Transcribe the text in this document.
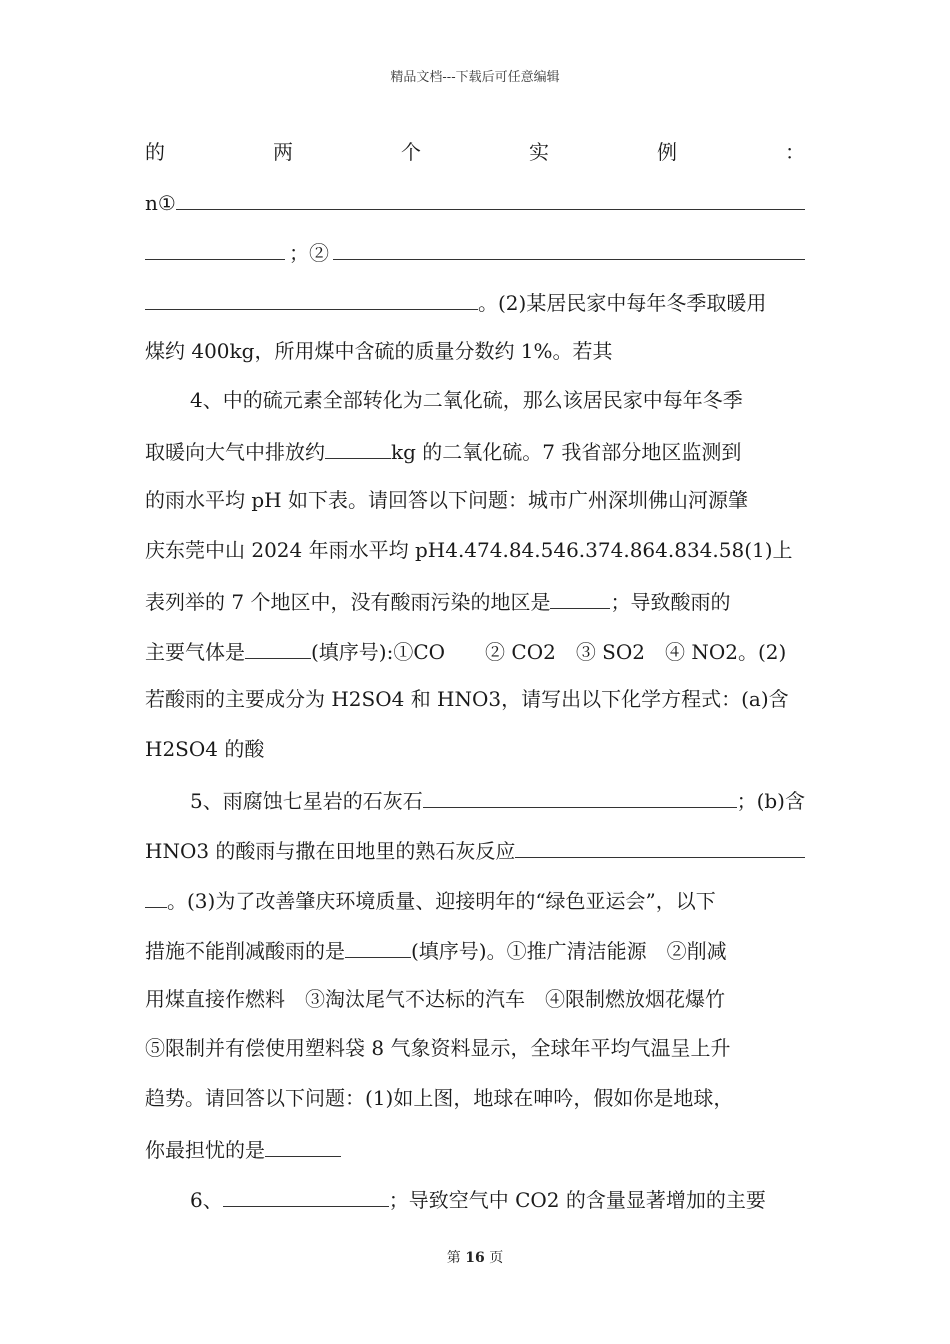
精品文档---下载后可任意编辑
的	两	个	实	例	：
n①
；②
。(2)某居民家中每年冬季取暖用
煤约 400kg，所用煤中含硫的质量分数约 1%。若其
4、中的硫元素全部转化为二氧化硫，那么该居民家中每年冬季
取暖向大气中排放约	kg 的二氧化硫。7 我省部分地区监测到
的雨水平均 pH 如下表。请回答以下问题：城市广州深圳佛山河源肇
庆东莞中山 2024 年雨水平均 pH4.474.84.546.374.864.834.58(1)上
表列举的 7 个地区中，没有酸雨污染的地区是	；导致酸雨的
主要气体是	(填序号):①CO　　② CO2　③ SO2　④ NO2。(2)
若酸雨的主要成分为 H2SO4 和 HNO3，请写出以下化学方程式：(a)含
H2SO4 的酸
5、雨腐蚀七星岩的石灰石	；(b)含
HNO3 的酸雨与撒在田地里的熟石灰反应
。(3)为了改善肇庆环境质量、迎接明年的“绿色亚运会”，以下
措施不能削减酸雨的是	(填序号)。①推广清洁能源　②削减
用煤直接作燃料　③淘汰尾气不达标的汽车　④限制燃放烟花爆竹
⑤限制并有偿使用塑料袋 8 气象资料显示，全球年平均气温呈上升
趋势。请回答以下问题：(1)如上图，地球在呻吟，假如你是地球，
你最担忧的是
6、	；导致空气中 CO2 的含量显著增加的主要
第 16 页
